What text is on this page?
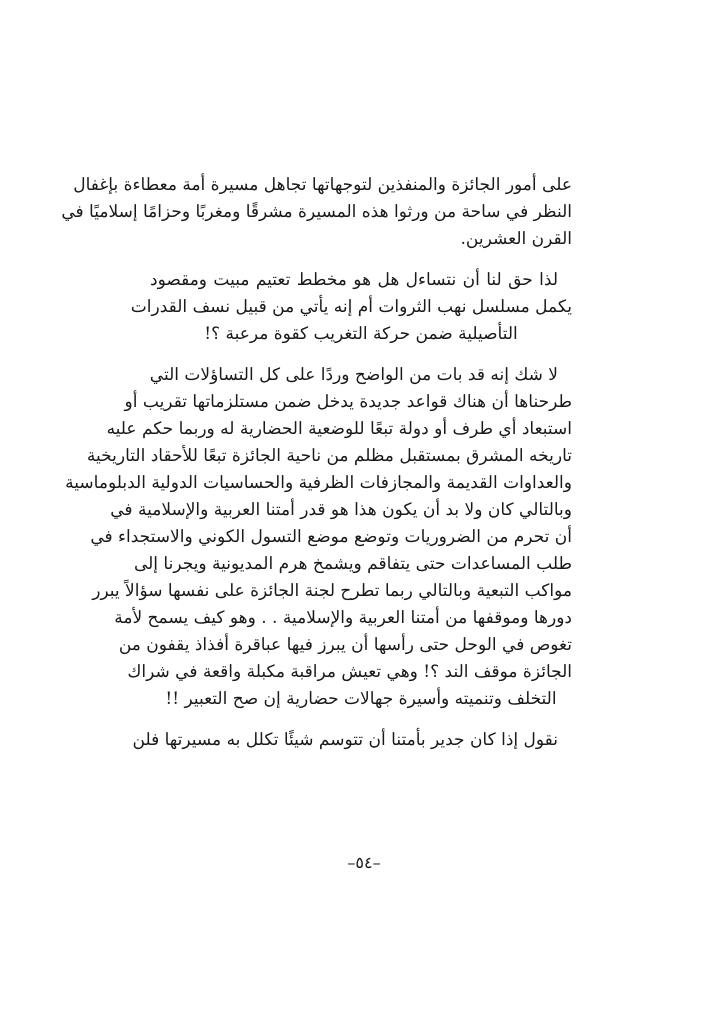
على أمور الجائزة والمنفذين لتوجهاتها تجاهل مسيرة أمة معطاءة بإغفال
النظر في ساحة من ورثوا هذه المسيرة مشرقًا ومغربًا وحزامًا إسلاميًا في
القرن العشرين.
لذا حق لنا أن نتساءل هل هو مخطط تعتيم مبيت ومقصود
يكمل مسلسل نهب الثروات أم إنه يأتي من قبيل نسف القدرات
التأصيلية ضمن حركة التغريب كقوة مرعبة ؟!
لا شك إنه قد بات من الواضح وردًا على كل التساؤلات التي
طرحناها أن هناك قواعد جديدة يدخل ضمن مستلزماتها تقريب أو
استبعاد أي طرف أو دولة تبعًا للوضعية الحضارية له وربما حكم عليه
تاريخه المشرق بمستقبل مظلم من ناحية الجائزة تبعًا للأحقاد التاريخية
والعداوات القديمة والمجازفات الظرفية والحساسيات الدولية الدبلوماسية
وبالتالي كان ولا بد أن يكون هذا هو قدر أمتنا العربية والإسلامية في
أن تحرم من الضروريات وتوضع موضع التسول الكوني والاستجداء في
طلب المساعدات حتى يتفاقم ويشمخ هرم المديونية ويجرنا إلى
مواكب التبعية وبالتالي ربما تطرح لجنة الجائزة على نفسها سؤالاً يبرر
دورها وموقفها من أمتنا العربية والإسلامية . . وهو كيف يسمح لأمة
تغوص في الوحل حتى رأسها أن يبرز فيها عباقرة أفذاذ يقفون من
الجائزة موقف الند ؟! وهي تعيش مراقبة مكبلة واقعة في شراك
التخلف وتنميته وأسيرة جهالات حضارية إن صح التعبير !!
نقول إذا كان جدير بأمتنا أن تتوسم شيئًا تكلل به مسيرتها فلن
–٥٤–
